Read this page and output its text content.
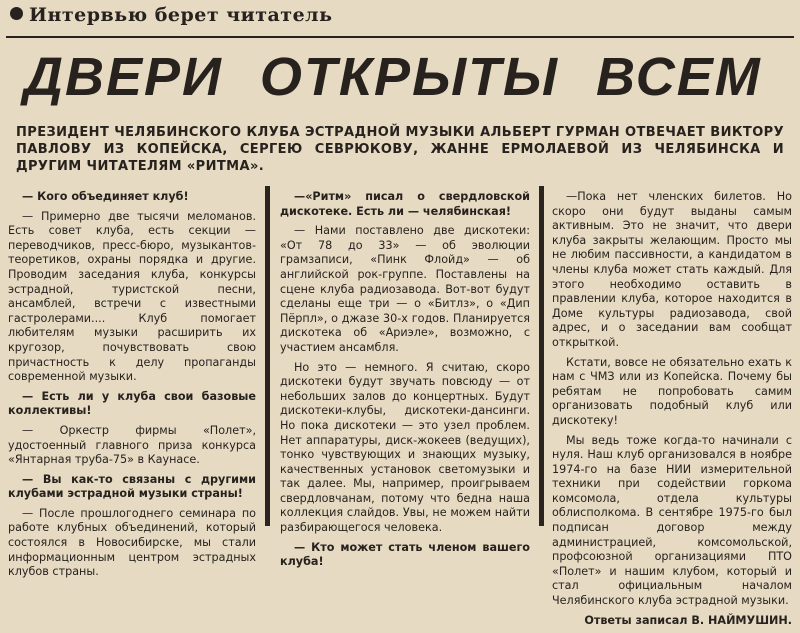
Интервью берет читатель
ДВЕРИ ОТКРЫТЫ ВСЕМ
ПРЕЗИДЕНТ ЧЕЛЯБИНСКОГО КЛУБА ЭСТРАДНОЙ МУЗЫКИ АЛЬБЕРТ ГУРМАН ОТВЕЧАЕТ ВИКТОРУ ПАВЛОВУ ИЗ КОПЕЙСКА, СЕРГЕЮ СЕВРЮКОВУ, ЖАННЕ ЕРМОЛАЕВОЙ ИЗ ЧЕЛЯБИНСКА И ДРУГИМ ЧИТАТЕЛЯМ «РИТМА».

— Кого объединяет клуб!

— Примерно две тысячи меломанов. Есть совет клуба, есть секции — переводчиков, пресс-бюро, музыкантов-теоретиков, охраны порядка и другие. Проводим заседания клуба, конкурсы эстрадной, туристской песни, ансамблей, встречи с известными гастролерами.... Клуб помогает любителям музыки расширить их кругозор, почувствовать свою причастность к делу пропаганды современной музыки.

— Есть ли у клуба свои базовые коллективы!

— Оркестр фирмы «Полет», удостоенный главного приза конкурса «Янтарная труба-75» в Каунасе.

— Вы как-то связаны с другими клубами эстрадной музыки страны!

— После прошлогоднего семинара по работе клубных объединений, который состоялся в Новосибирске, мы стали информационным центром эстрадных клубов страны.

—«Ритм» писал о свердловской дискотеке. Есть ли — челябинская!

— Нами поставлено две дискотеки: «От 78 до 33» — об эволюции грамзаписи, «Пинк Флойд» — об английской рок-группе. Поставлены на сцене клуба радиозавода. Вот-вот будут сделаны еще три — о «Битлз», о «Дип Пёрпл», о джазе 30-х годов. Планируется дискотека об «Ариэле», возможно, с участием ансамбля.

Но это — немного. Я считаю, скоро дискотеки будут звучать повсюду — от небольших залов до концертных. Будут дискотеки-клубы, дискотеки-дансинги. Но пока дискотеки — это узел проблем. Нет аппаратуры, диск-жокеев (ведущих), тонко чувствующих и знающих музыку, качественных установок светомузыки и так далее. Мы, например, проигрываем свердловчанам, потому что бедна наша коллекция слайдов. Увы, не можем найти разбирающегося человека.

— Кто может стать членом вашего клуба!

—Пока нет членских билетов. Но скоро они будут выданы самым активным. Это не значит, что двери клуба закрыты желающим. Просто мы не любим пассивности, а кандидатом в члены клуба может стать каждый. Для этого необходимо оставить в правлении клуба, которое находится в Доме культуры радиозавода, свой адрес, и о заседании вам сообщат открыткой.

Кстати, вовсе не обязательно ехать к нам с ЧМЗ или из Копейска. Почему бы ребятам не попробовать самим организовать подобный клуб или дискотеку!

Мы ведь тоже когда-то начинали с нуля. Наш клуб организовался в ноябре 1974-го на базе НИИ измерительной техники при содействии горкома комсомола, отдела культуры облисполкома. В сентябре 1975-го был подписан договор между администрацией, комсомольской, профсоюзной организациями ПТО «Полет» и нашим клубом, который и стал официальным началом Челябинского клуба эстрадной музыки.

Ответы записал В. НАЙМУШИН.
